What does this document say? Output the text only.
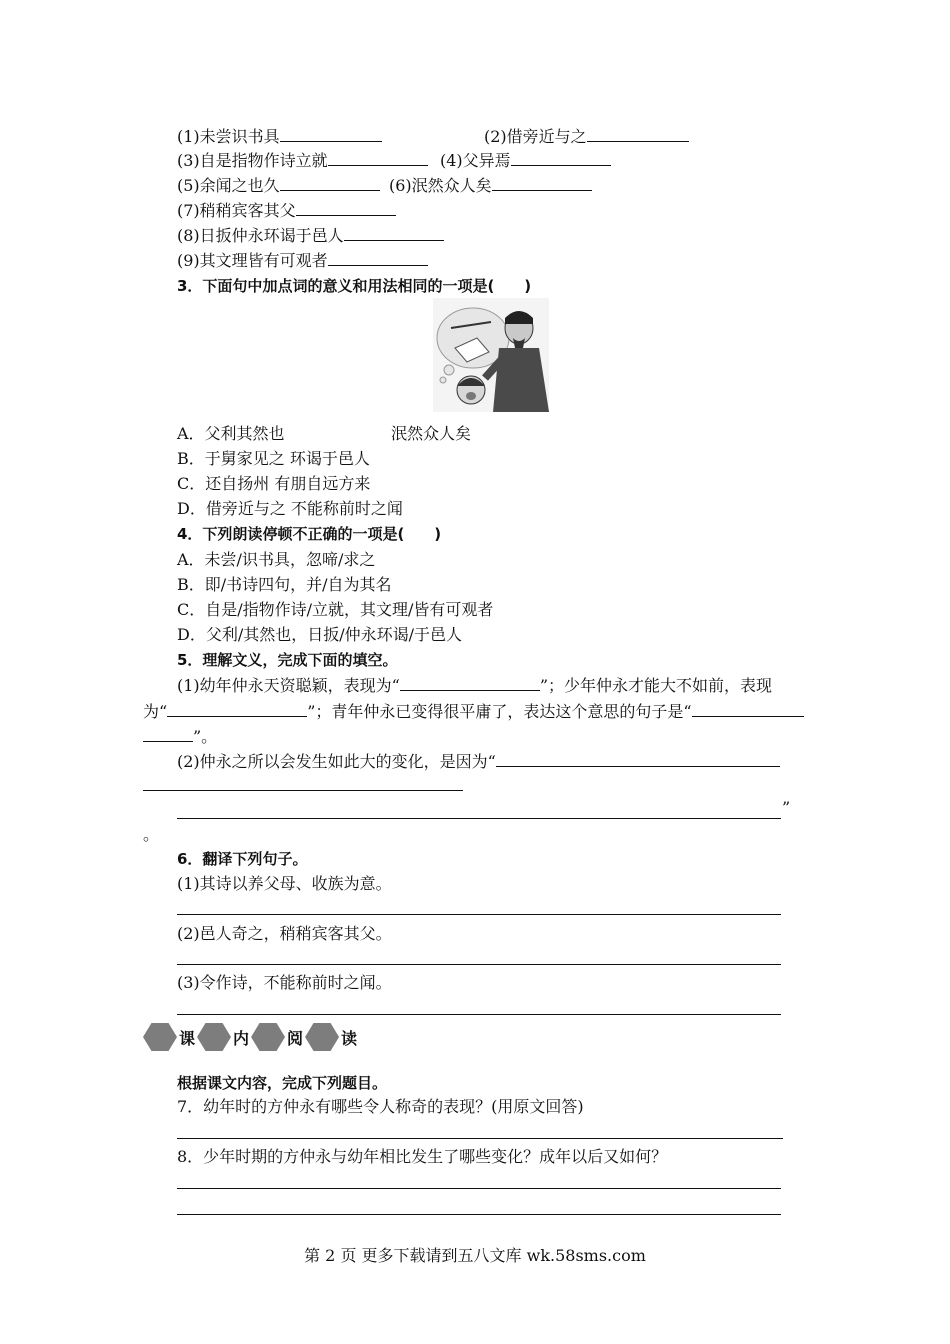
(1)未尝识书具	(2)借旁近与之
(3)自是指物作诗立就	(4)父异焉
(5)余闻之也久	(6)泯然众人矣
(7)稍稍宾客其父
(8)日扳仲永环谒于邑人
(9)其文理皆有可观者
3．下面句中加点词的意义和用法相同的一项是(　　)
A．父利其然也	泯然众人矣
B．于舅家见之 环谒于邑人
C．还自扬州 有朋自远方来
D．借旁近与之 不能称前时之闻
4．下列朗读停顿不正确的一项是(　　)
A．未尝/识书具，忽啼/求之
B．即/书诗四句，并/自为其名
C．自是/指物作诗/立就，其文理/皆有可观者
D．父利/其然也，日扳/仲永环谒/于邑人
5．理解文义，完成下面的填空。
(1)幼年仲永天资聪颖，表现为“	”；少年仲永才能大不如前，表现
为“	”；青年仲永已变得很平庸了，表达这个意思的句子是“
”。
(2)仲永之所以会发生如此大的变化，是因为“
”
。
6．翻译下列句子。
(1)其诗以养父母、收族为意。
(2)邑人奇之，稍稍宾客其父。
(3)令作诗，不能称前时之闻。
课 内 阅 读
根据课文内容，完成下列题目。
7．幼年时的方仲永有哪些令人称奇的表现？(用原文回答)
8．少年时期的方仲永与幼年相比发生了哪些变化？成年以后又如何？
第 2 页 更多下载请到五八文库 wk.58sms.com
